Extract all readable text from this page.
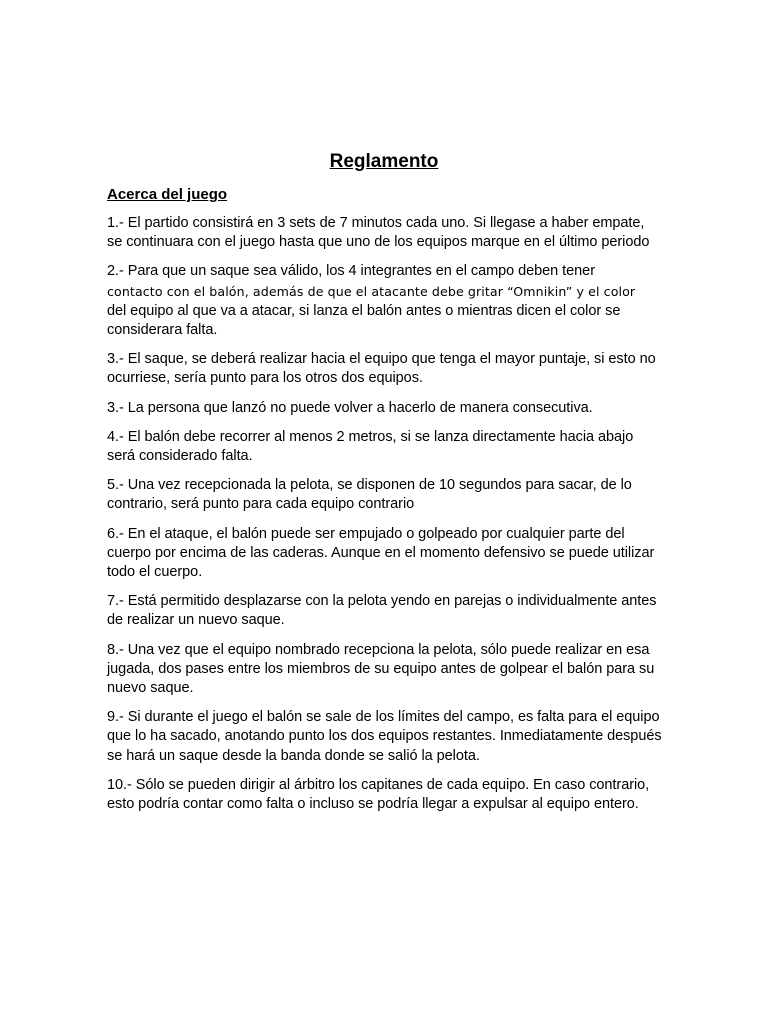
Reglamento
Acerca del juego

1.- El partido consistirá en 3 sets de 7 minutos cada uno. Si llegase a haber empate, se continuara con el juego hasta que uno de los equipos marque en el último periodo

2.- Para que un saque sea válido, los 4 integrantes en el campo deben tener
contacto con el balón, además de que el atacante debe gritar “Omnikin” y el color
del equipo al que va a atacar, si lanza el balón antes o mientras dicen el color se considerara falta.

3.- El saque, se deberá realizar hacia el equipo que tenga el mayor puntaje, si esto no ocurriese, sería punto para los otros dos equipos.

3.- La persona que lanzó no puede volver a hacerlo de manera consecutiva.

4.- El balón debe recorrer al menos 2 metros, si se lanza directamente hacia abajo será considerado falta.

5.- Una vez recepcionada la pelota, se disponen de 10 segundos para sacar, de lo contrario, será punto para cada equipo contrario

6.- En el ataque, el balón puede ser empujado o golpeado por cualquier parte del cuerpo por encima de las caderas. Aunque en el momento defensivo se puede utilizar todo el cuerpo.

7.- Está permitido desplazarse con la pelota yendo en parejas o individualmente antes de realizar un nuevo saque.

8.- Una vez que el equipo nombrado recepciona la pelota, sólo puede realizar en esa jugada, dos pases entre los miembros de su equipo antes de golpear el balón para su nuevo saque.

9.- Si durante el juego el balón se sale de los límites del campo, es falta para el equipo que lo ha sacado, anotando punto los dos equipos restantes. Inmediatamente después se hará un saque desde la banda donde se salió la pelota.

10.- Sólo se pueden dirigir al árbitro los capitanes de cada equipo. En caso contrario, esto podría contar como falta o incluso se podría llegar a expulsar al equipo entero.
